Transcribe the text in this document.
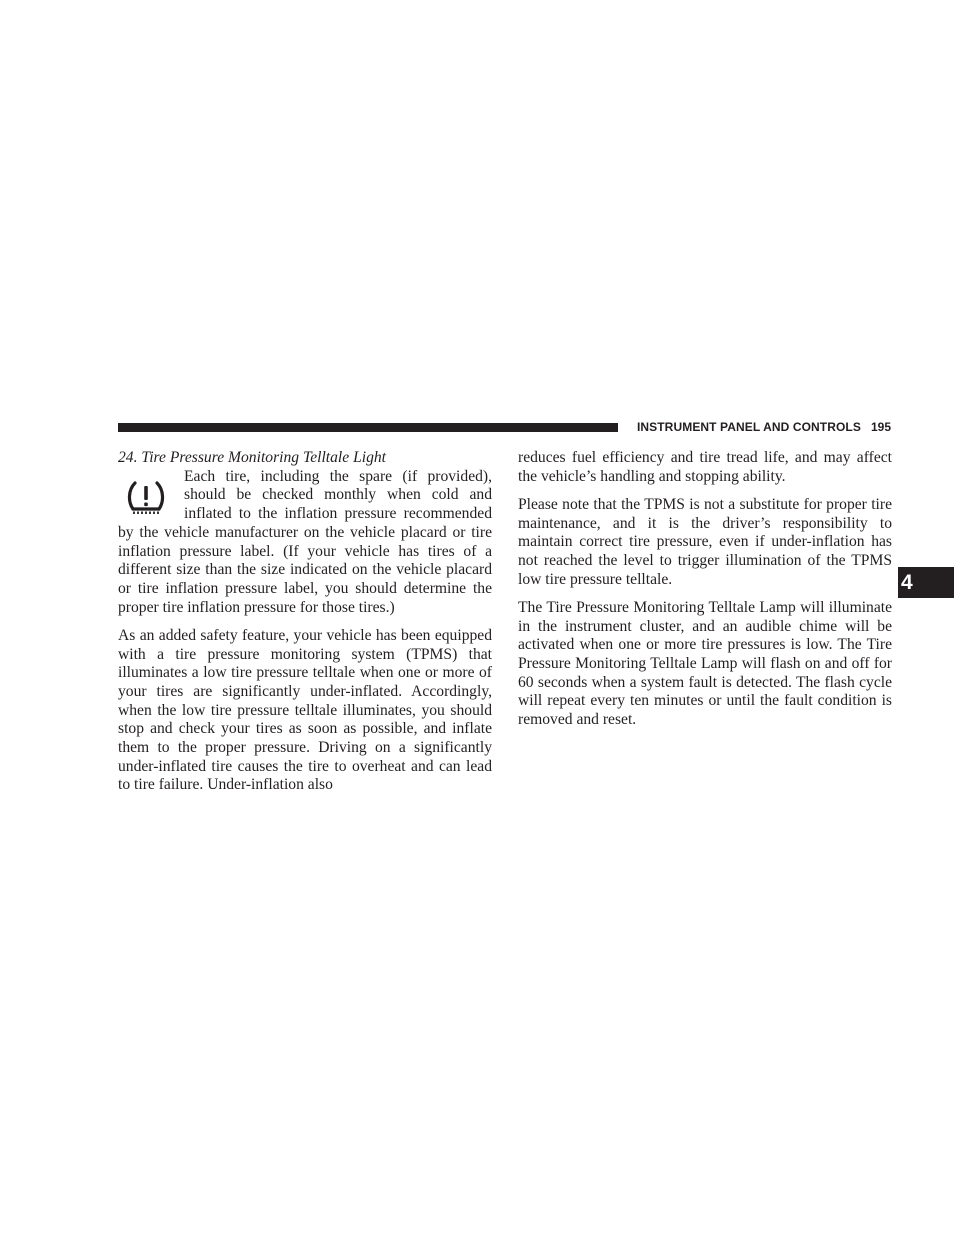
INSTRUMENT PANEL AND CONTROLS 195
4

24. Tire Pressure Monitoring Telltale Light

Each tire, including the spare (if provided), should be checked monthly when cold and inflated to the inflation pressure recommended by the vehicle manufacturer on the vehicle placard or tire inflation pressure label. (If your vehicle has tires of a different size than the size indicated on the vehicle placard or tire inflation pressure label, you should determine the proper tire inflation pressure for those tires.)

As an added safety feature, your vehicle has been equipped with a tire pressure monitoring system (TPMS) that illuminates a low tire pressure telltale when one or more of your tires are significantly under-inflated. Accordingly, when the low tire pressure telltale illuminates, you should stop and check your tires as soon as possible, and inflate them to the proper pressure. Driving on a significantly under-inflated tire causes the tire to overheat and can lead to tire failure. Under-inflation also

reduces fuel efficiency and tire tread life, and may affect the vehicle’s handling and stopping ability.

Please note that the TPMS is not a substitute for proper tire maintenance, and it is the driver’s responsibility to maintain correct tire pressure, even if under-inflation has not reached the level to trigger illumination of the TPMS low tire pressure telltale.

The Tire Pressure Monitoring Telltale Lamp will illuminate in the instrument cluster, and an audible chime will be activated when one or more tire pressures is low. The Tire Pressure Monitoring Telltale Lamp will flash on and off for 60 seconds when a system fault is detected. The flash cycle will repeat every ten minutes or until the fault condition is removed and reset.
